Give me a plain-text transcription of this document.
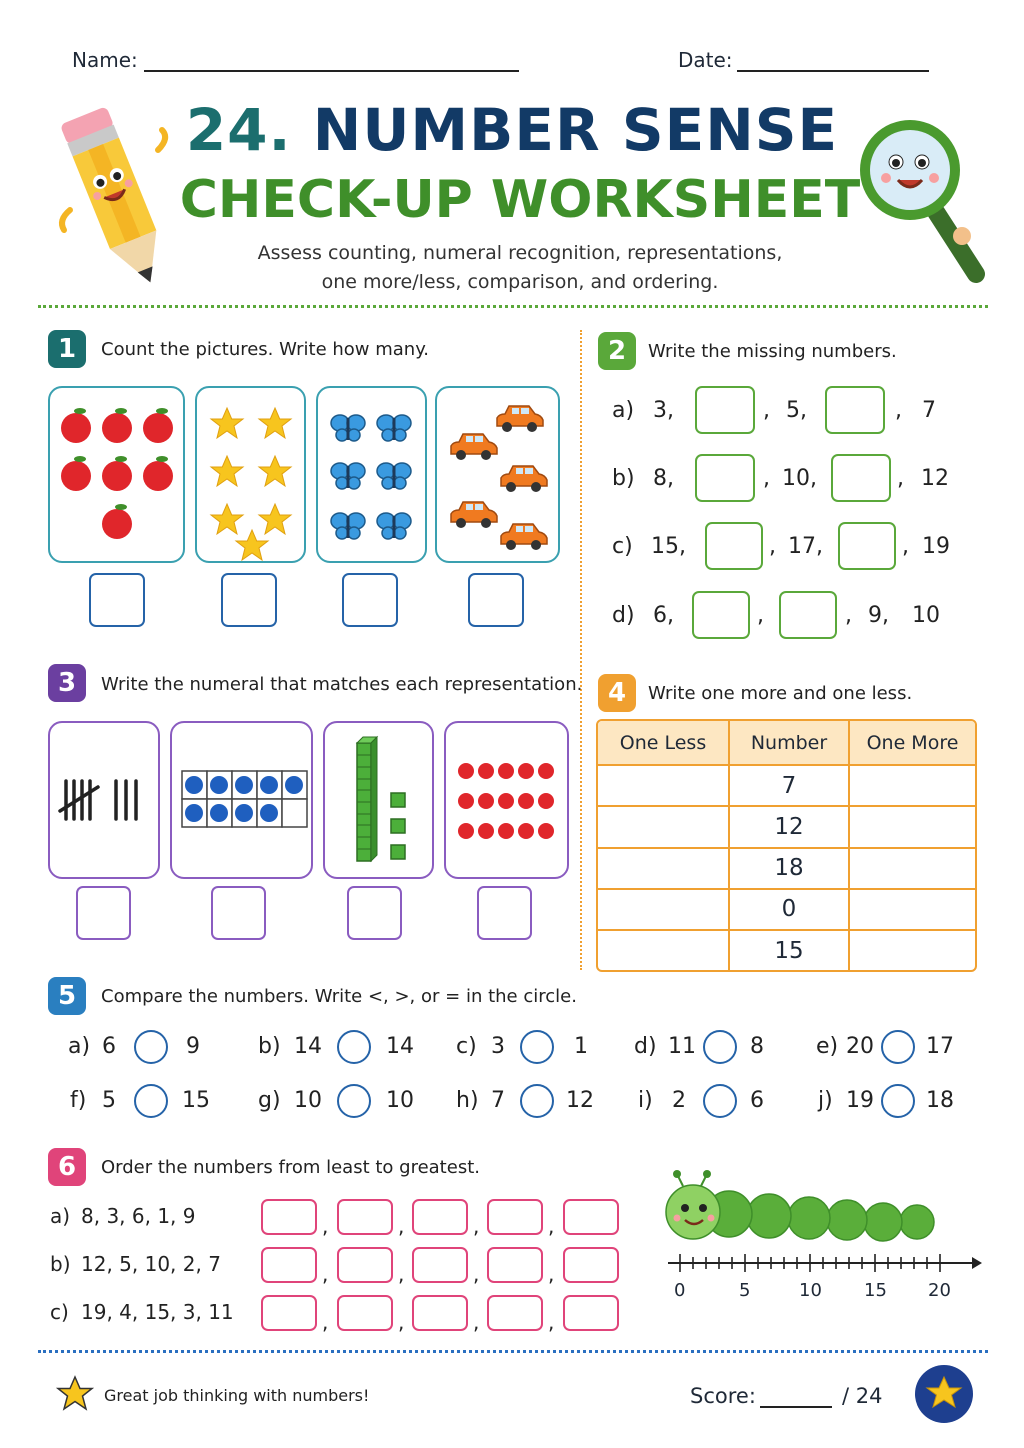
Name:	Date:
24. NUMBER SENSE
CHECK-UP WORKSHEET
Assess counting, numeral recognition, representations,
one more/less, comparison, and ordering.
1	Count the pictures. Write how many.	2	Write the missing numbers.
a) 3,	, 5,	, 7
b) 8,	, 10,	, 12
c) 15,	, 17,	, 19
d) 6,	,	, 9, 10
3	Write the numeral that matches each representation. 4	Write one more and one less.
One Less	Number	One More
	7	
	12	
	18	
	0	
	15	
5	Compare the numbers. Write <, >, or = in the circle.
a) 6	9	b) 14	14 c) 3	1 d) 11 8 e) 20 17
f) 5	15 g) 10	10 h) 7	12 i) 2	6 j) 19 18
6	Order the numbers from least to greatest.
a) 8, 3, 6, 1, 9
b) 12, 5, 10, 2, 7
c) 19, 4, 15, 3, 11
,	,	,	,
,	,	,	,
,	,	,	,
0	5	10 15 20
Great job thinking with numbers!	Score:	/ 24
